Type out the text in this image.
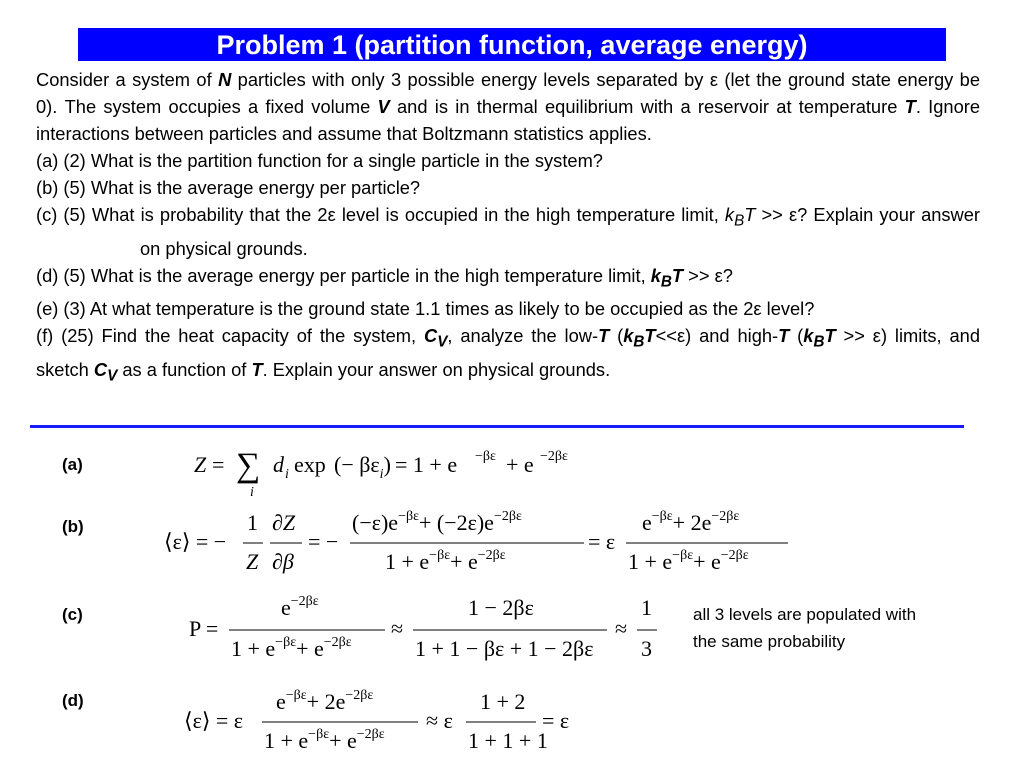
Problem 1 (partition function, average energy)

Consider a system of N particles with only 3 possible energy levels separated by ε (let the ground state energy be 0). The system occupies a fixed volume V and is in thermal equilibrium with a reservoir at temperature T. Ignore interactions between particles and assume that Boltzmann statistics applies.

(a) (2) What is the partition function for a single particle in the system?

(b) (5) What is the average energy per particle?

(c) (5) What is probability that the 2ε level is occupied in the high temperature limit, $k_BT >> \varepsilon$? Explain your answer on physical grounds.

(d) (5) What is the average energy per particle in the high temperature limit, $k_BT >> \varepsilon$?

(e) (3) At what temperature is the ground state 1.1 times as likely to be occupied as the 2ε level?

(f) (25) Find the heat capacity of the system, $C_V$, analyze the low-T $(k_BT<<\varepsilon)$ and high-T $(k_BT >> \varepsilon)$ limits, and sketch $C_V$ as a function of T. Explain your answer on physical grounds.

(a)
(b)
(c)
(d)
Z = ∑
i
d i exp (− $\beta\varepsilon_i) = 1 + e -\beta\varepsilon + e -2\beta\varepsilon$
⟨ε⟩ = −
1
Z
∂Z
∂β
= −
$(-\varepsilon)e^{-\beta\varepsilon}+ (-2\varepsilon)e^{-2\beta\varepsilon}$
$1 + e^{-\beta\varepsilon}+ e^{-2\beta\varepsilon}$
= ε
$e^{-\beta\varepsilon}+ 2e^{-2\beta\varepsilon}$
$1 + e^{-\beta\varepsilon}+ e^{-2\beta\varepsilon}$
P =
$e^{-2\beta\varepsilon}$
$1 + e^{-\beta\varepsilon}+ e^{-2\beta\varepsilon}$
≈
1 − 2βε
1 + 1 − βε + 1 − 2βε
≈
1
3
all 3 levels are populated with
the same probability
⟨ε⟩ = ε
$e^{-\beta\varepsilon}+ 2e^{-2\beta\varepsilon}$
$1 + e^{-\beta\varepsilon}+ e^{-2\beta\varepsilon}$
≈ ε
1 + 2
1 + 1 + 1
= ε
